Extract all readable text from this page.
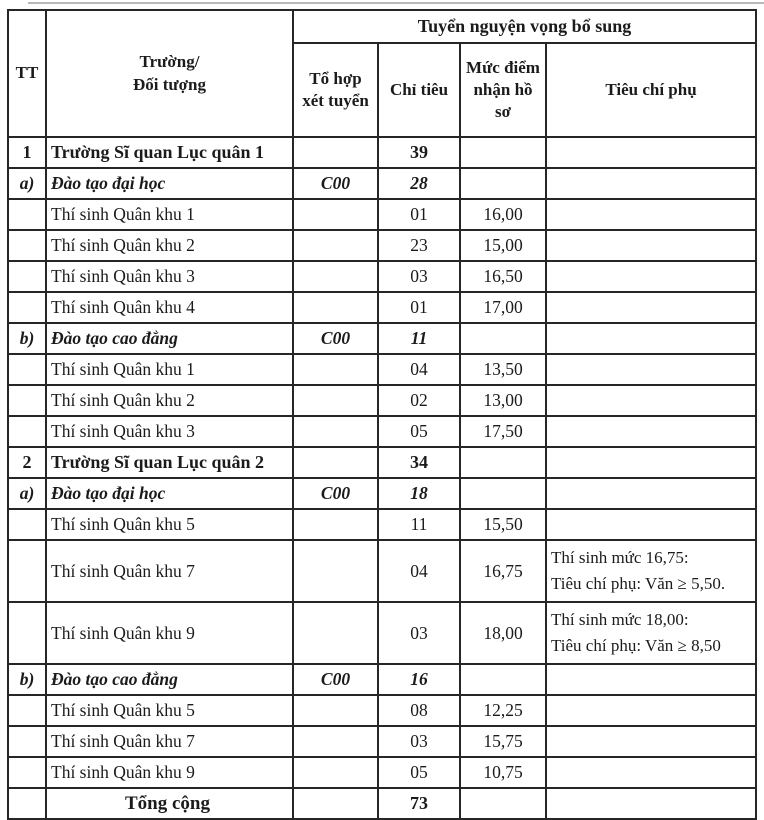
TT	Trường/
Đối tượng	Tuyển nguyện vọng bổ sung			
		Tổ hợp xét tuyển	Chỉ tiêu	Mức điểm nhận hồ sơ	Tiêu chí phụ
1	Trường Sĩ quan Lục quân 1		39		
a)	Đào tạo đại học	C00	28		
	Thí sinh Quân khu 1		01	16,00	
	Thí sinh Quân khu 2		23	15,00	
	Thí sinh Quân khu 3		03	16,50	
	Thí sinh Quân khu 4		01	17,00	
b)	Đào tạo cao đẳng	C00	11		
	Thí sinh Quân khu 1		04	13,50	
	Thí sinh Quân khu 2		02	13,00	
	Thí sinh Quân khu 3		05	17,50	
2	Trường Sĩ quan Lục quân 2		34		
a)	Đào tạo đại học	C00	18		
	Thí sinh Quân khu 5		11	15,50	
	Thí sinh Quân khu 7		04	16,75	Thí sinh mức 16,75:
Tiêu chí phụ: Văn ≥ 5,50.

	Thí sinh Quân khu 9		03	18,00	Thí sinh mức 18,00:
Tiêu chí phụ: Văn ≥ 8,50

b)	Đào tạo cao đẳng	C00	16		
	Thí sinh Quân khu 5		08	12,25	
	Thí sinh Quân khu 7		03	15,75	
	Thí sinh Quân khu 9		05	10,75	
	Tổng cộng		73		
